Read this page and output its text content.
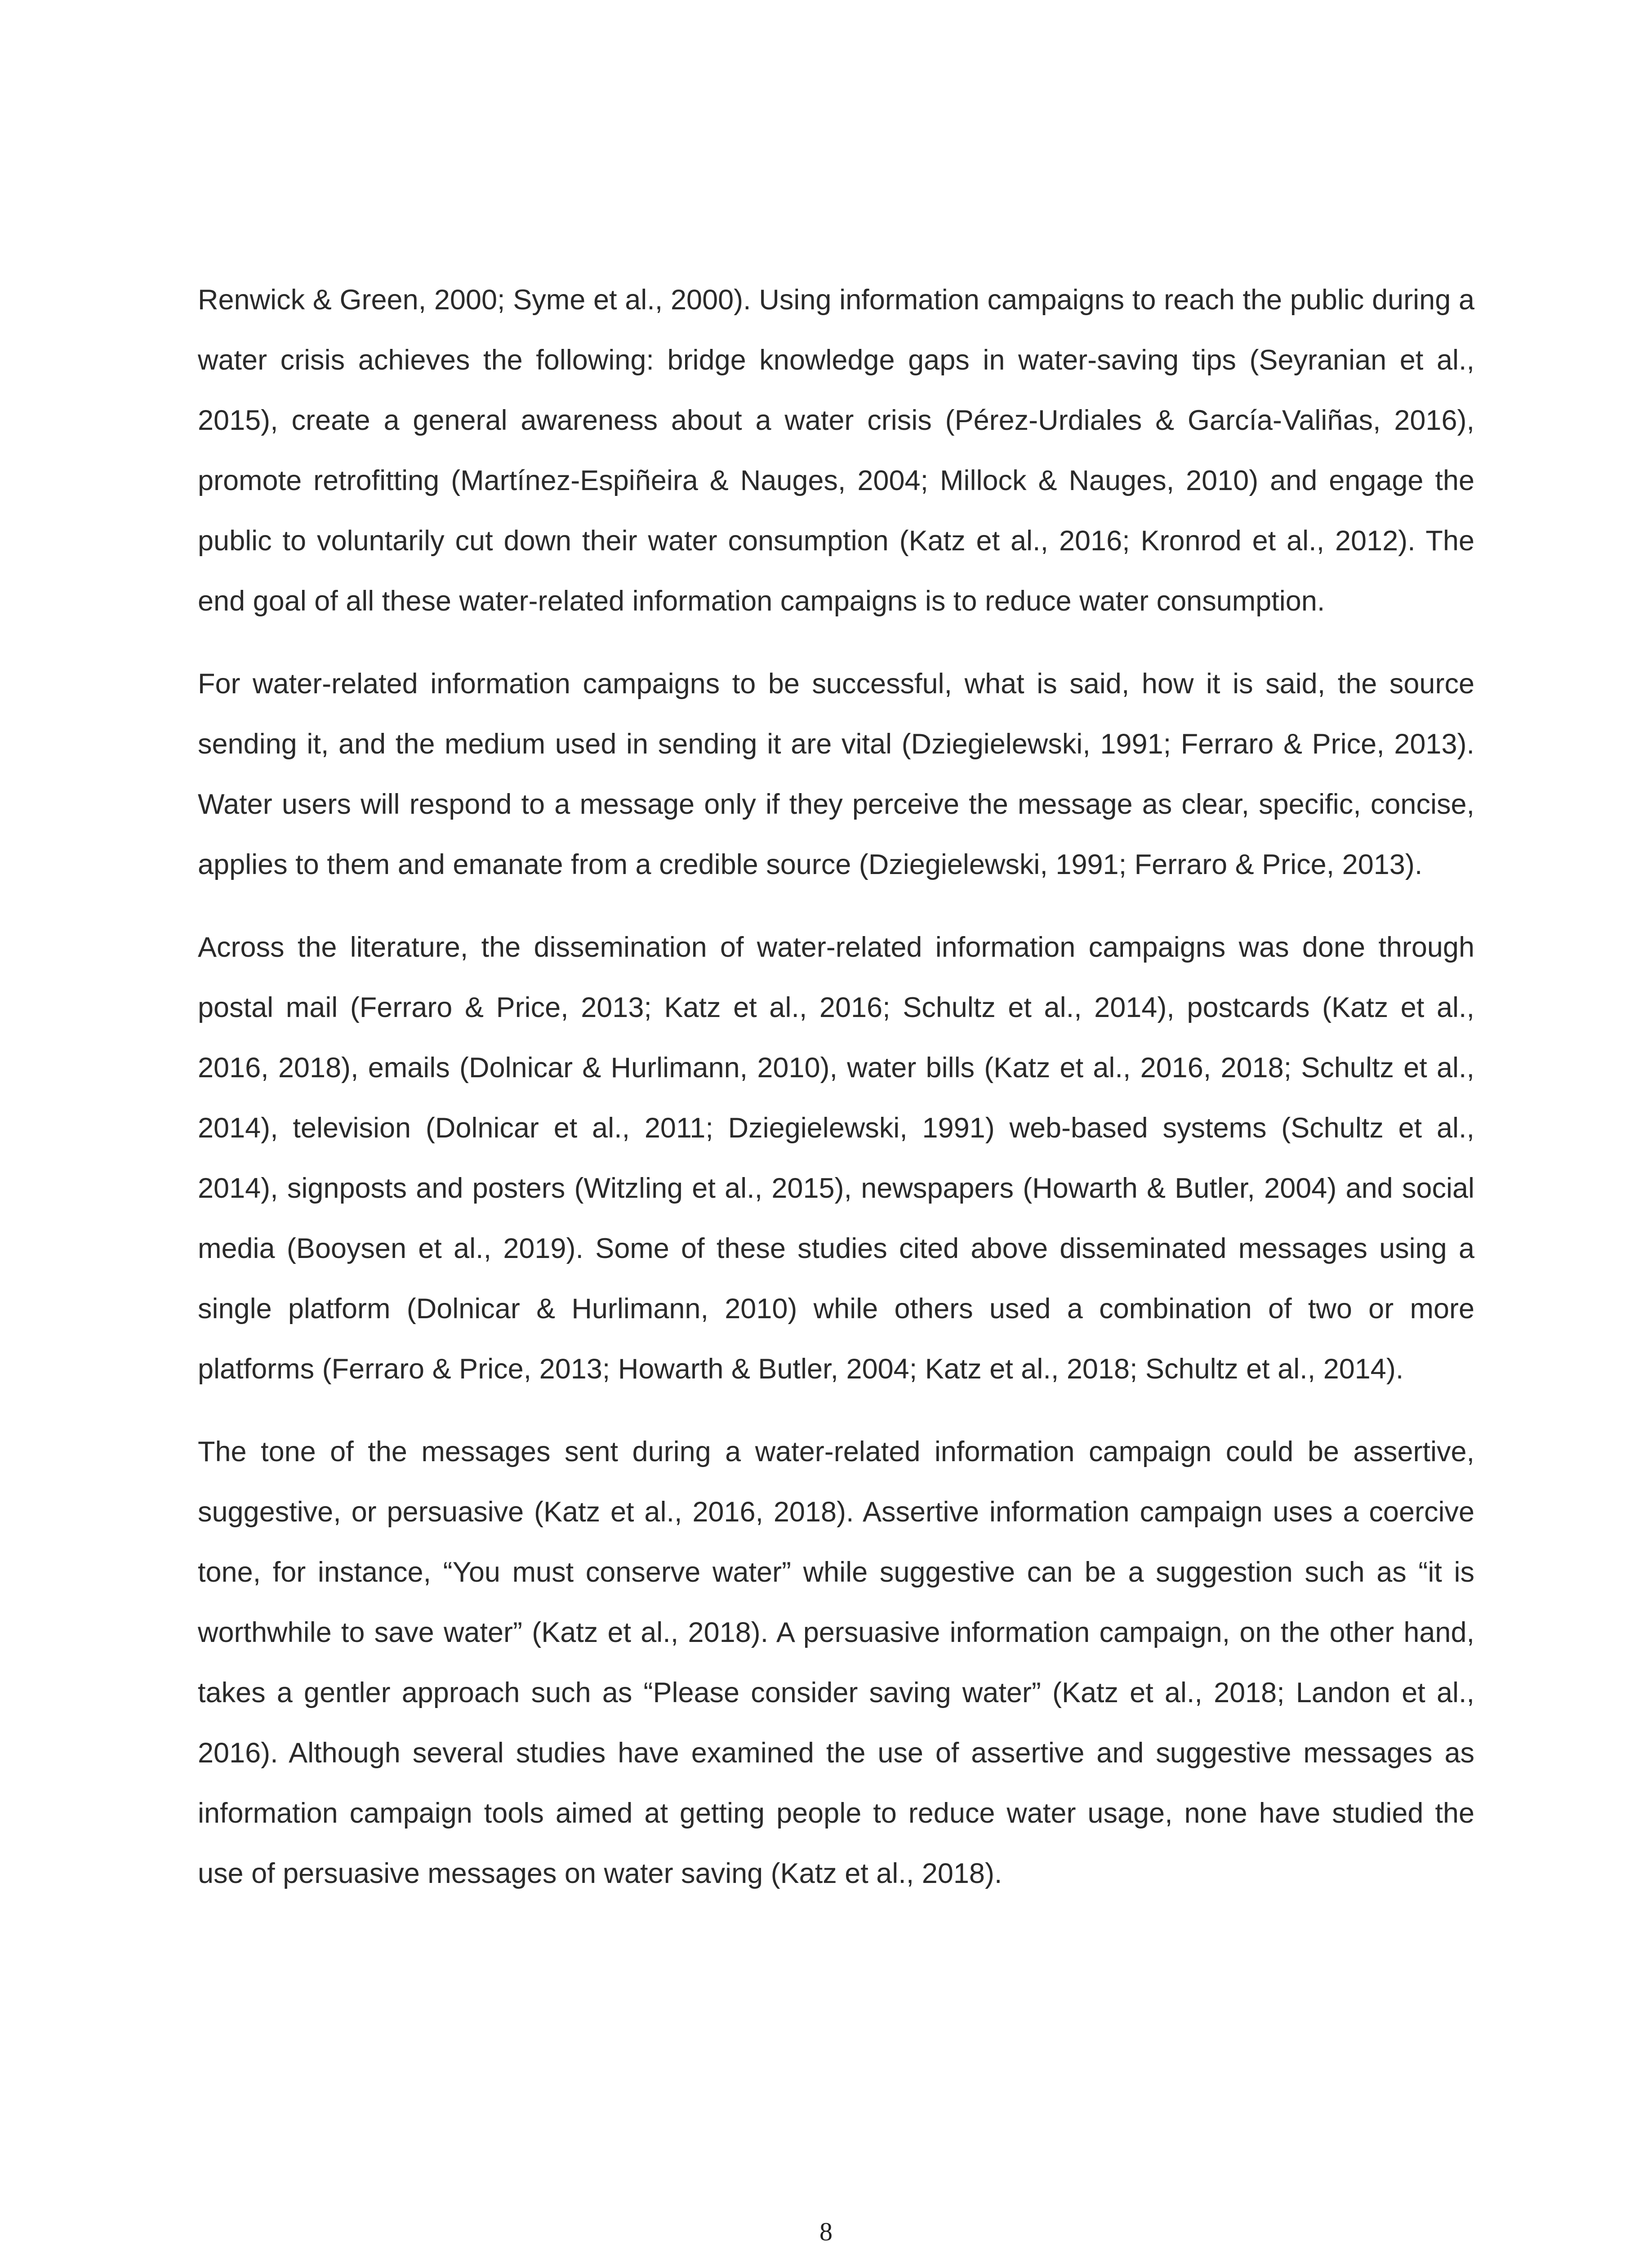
Renwick & Green, 2000; Syme et al., 2000). Using information campaigns to reach the public during a water crisis achieves the following: bridge knowledge gaps in water-saving tips (Seyranian et al., 2015), create a general awareness about a water crisis (Pérez-Urdiales & García-Valiñas, 2016), promote retrofitting (Martínez-Espiñeira & Nauges, 2004; Millock & Nauges, 2010) and engage the public to voluntarily cut down their water consumption (Katz et al., 2016; Kronrod et al., 2012). The end goal of all these water-related information campaigns is to reduce water consumption.

For water-related information campaigns to be successful, what is said, how it is said, the source sending it, and the medium used in sending it are vital (Dziegielewski, 1991; Ferraro & Price, 2013). Water users will respond to a message only if they perceive the message as clear, specific, concise, applies to them and emanate from a credible source (Dziegielewski, 1991; Ferraro & Price, 2013).

Across the literature, the dissemination of water-related information campaigns was done through postal mail (Ferraro & Price, 2013; Katz et al., 2016; Schultz et al., 2014), postcards (Katz et al., 2016, 2018), emails (Dolnicar & Hurlimann, 2010), water bills (Katz et al., 2016, 2018; Schultz et al., 2014), television (Dolnicar et al., 2011; Dziegielewski, 1991) web-based systems (Schultz et al., 2014), signposts and posters (Witzling et al., 2015), newspapers (Howarth & Butler, 2004) and social media (Booysen et al., 2019). Some of these studies cited above disseminated messages using a single platform (Dolnicar & Hurlimann, 2010) while others used a combination of two or more platforms (Ferraro & Price, 2013; Howarth & Butler, 2004; Katz et al., 2018; Schultz et al., 2014).

The tone of the messages sent during a water-related information campaign could be assertive, suggestive, or persuasive (Katz et al., 2016, 2018). Assertive information campaign uses a coercive tone, for instance, “You must conserve water” while suggestive can be a suggestion such as “it is worthwhile to save water” (Katz et al., 2018). A persuasive information campaign, on the other hand, takes a gentler approach such as “Please consider saving water” (Katz et al., 2018; Landon et al., 2016). Although several studies have examined the use of assertive and suggestive messages as information campaign tools aimed at getting people to reduce water usage, none have studied the use of persuasive messages on water saving (Katz et al., 2018).

8
